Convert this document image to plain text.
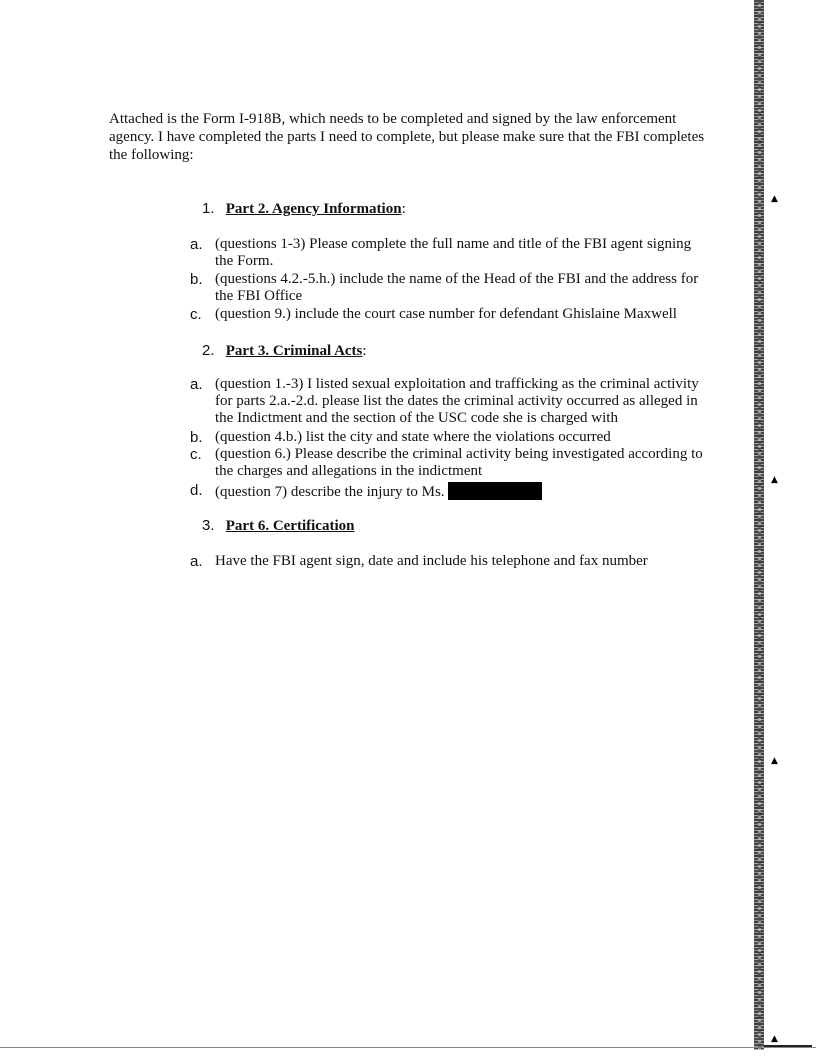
Attached is the Form I-918B, which needs to be completed and signed by the law enforcement agency. I have completed the parts I need to complete, but please make sure that the FBI completes the following:

1. Part 2. Agency Information:
a. (questions 1-3) Please complete the full name and title of the FBI agent signing the Form.
b. (questions 4.2.-5.h.) include the name of the Head of the FBI and the address for the FBI Office
c. (question 9.) include the court case number for defendant Ghislaine Maxwell
2. Part 3. Criminal Acts:
a. (question 1.-3) I listed sexual exploitation and trafficking as the criminal activity for parts 2.a.-2.d. please list the dates the criminal activity occurred as alleged in the Indictment and the section of the USC code she is charged with
b. (question 4.b.) list the city and state where the violations occurred
c. (question 6.) Please describe the criminal activity being investigated according to the charges and allegations in the indictment
d. (question 7) describe the injury to Ms.
3. Part 6. Certification
a. Have the FBI agent sign, date and include his telephone and fax number
▲
▲
▲
▲
